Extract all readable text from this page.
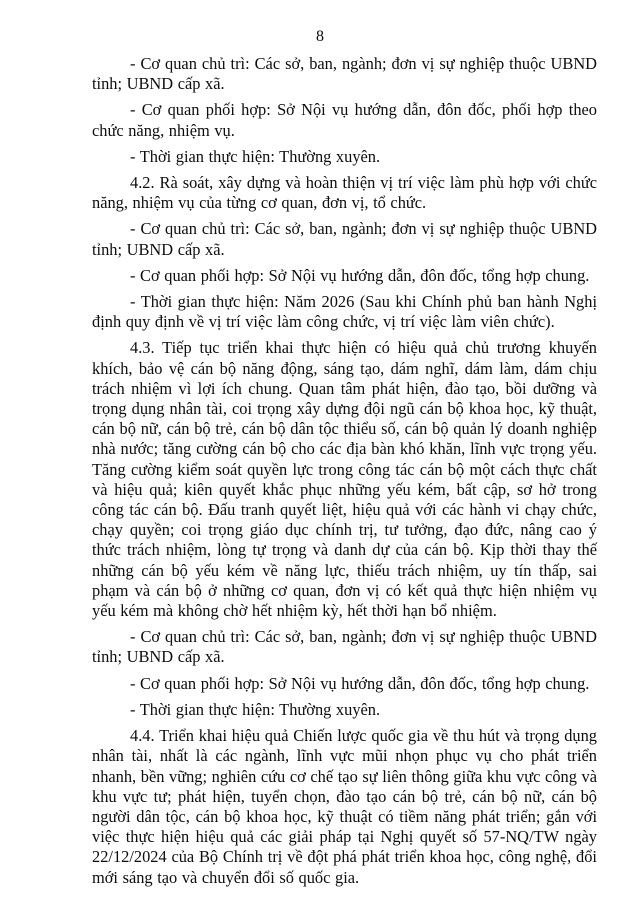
8

- Cơ quan chủ trì: Các sở, ban, ngành; đơn vị sự nghiệp thuộc UBND tỉnh; UBND cấp xã.

- Cơ quan phối hợp: Sở Nội vụ hướng dẫn, đôn đốc, phối hợp theo chức năng, nhiệm vụ.

- Thời gian thực hiện: Thường xuyên.

4.2. Rà soát, xây dựng và hoàn thiện vị trí việc làm phù hợp với chức năng, nhiệm vụ của từng cơ quan, đơn vị, tổ chức.

- Cơ quan chủ trì: Các sở, ban, ngành; đơn vị sự nghiệp thuộc UBND tỉnh; UBND cấp xã.

- Cơ quan phối hợp: Sở Nội vụ hướng dẫn, đôn đốc, tổng hợp chung.

- Thời gian thực hiện: Năm 2026 (Sau khi Chính phủ ban hành Nghị định quy định về vị trí việc làm công chức, vị trí việc làm viên chức).

4.3. Tiếp tục triển khai thực hiện có hiệu quả chủ trương khuyến khích, bảo vệ cán bộ năng động, sáng tạo, dám nghĩ, dám làm, dám chịu trách nhiệm vì lợi ích chung. Quan tâm phát hiện, đào tạo, bồi dưỡng và trọng dụng nhân tài, coi trọng xây dựng đội ngũ cán bộ khoa học, kỹ thuật, cán bộ nữ, cán bộ trẻ, cán bộ dân tộc thiểu số, cán bộ quản lý doanh nghiệp nhà nước; tăng cường cán bộ cho các địa bàn khó khăn, lĩnh vực trọng yếu. Tăng cường kiểm soát quyền lực trong công tác cán bộ một cách thực chất và hiệu quả; kiên quyết khắc phục những yếu kém, bất cập, sơ hở trong công tác cán bộ. Đấu tranh quyết liệt, hiệu quả với các hành vi chạy chức, chạy quyền; coi trọng giáo dục chính trị, tư tưởng, đạo đức, nâng cao ý thức trách nhiệm, lòng tự trọng và danh dự của cán bộ. Kịp thời thay thế những cán bộ yếu kém về năng lực, thiếu trách nhiệm, uy tín thấp, sai phạm và cán bộ ở những cơ quan, đơn vị có kết quả thực hiện nhiệm vụ yếu kém mà không chờ hết nhiệm kỳ, hết thời hạn bổ nhiệm.

- Cơ quan chủ trì: Các sở, ban, ngành; đơn vị sự nghiệp thuộc UBND tỉnh; UBND cấp xã.

- Cơ quan phối hợp: Sở Nội vụ hướng dẫn, đôn đốc, tổng hợp chung.

- Thời gian thực hiện: Thường xuyên.

4.4. Triển khai hiệu quả Chiến lược quốc gia về thu hút và trọng dụng nhân tài, nhất là các ngành, lĩnh vực mũi nhọn phục vụ cho phát triển nhanh, bền vững; nghiên cứu cơ chế tạo sự liên thông giữa khu vực công và khu vực tư; phát hiện, tuyển chọn, đào tạo cán bộ trẻ, cán bộ nữ, cán bộ người dân tộc, cán bộ khoa học, kỹ thuật có tiềm năng phát triển; gắn với việc thực hiện hiệu quả các giải pháp tại Nghị quyết số 57-NQ/TW ngày 22/12/2024 của Bộ Chính trị về đột phá phát triển khoa học, công nghệ, đổi mới sáng tạo và chuyển đổi số quốc gia.
